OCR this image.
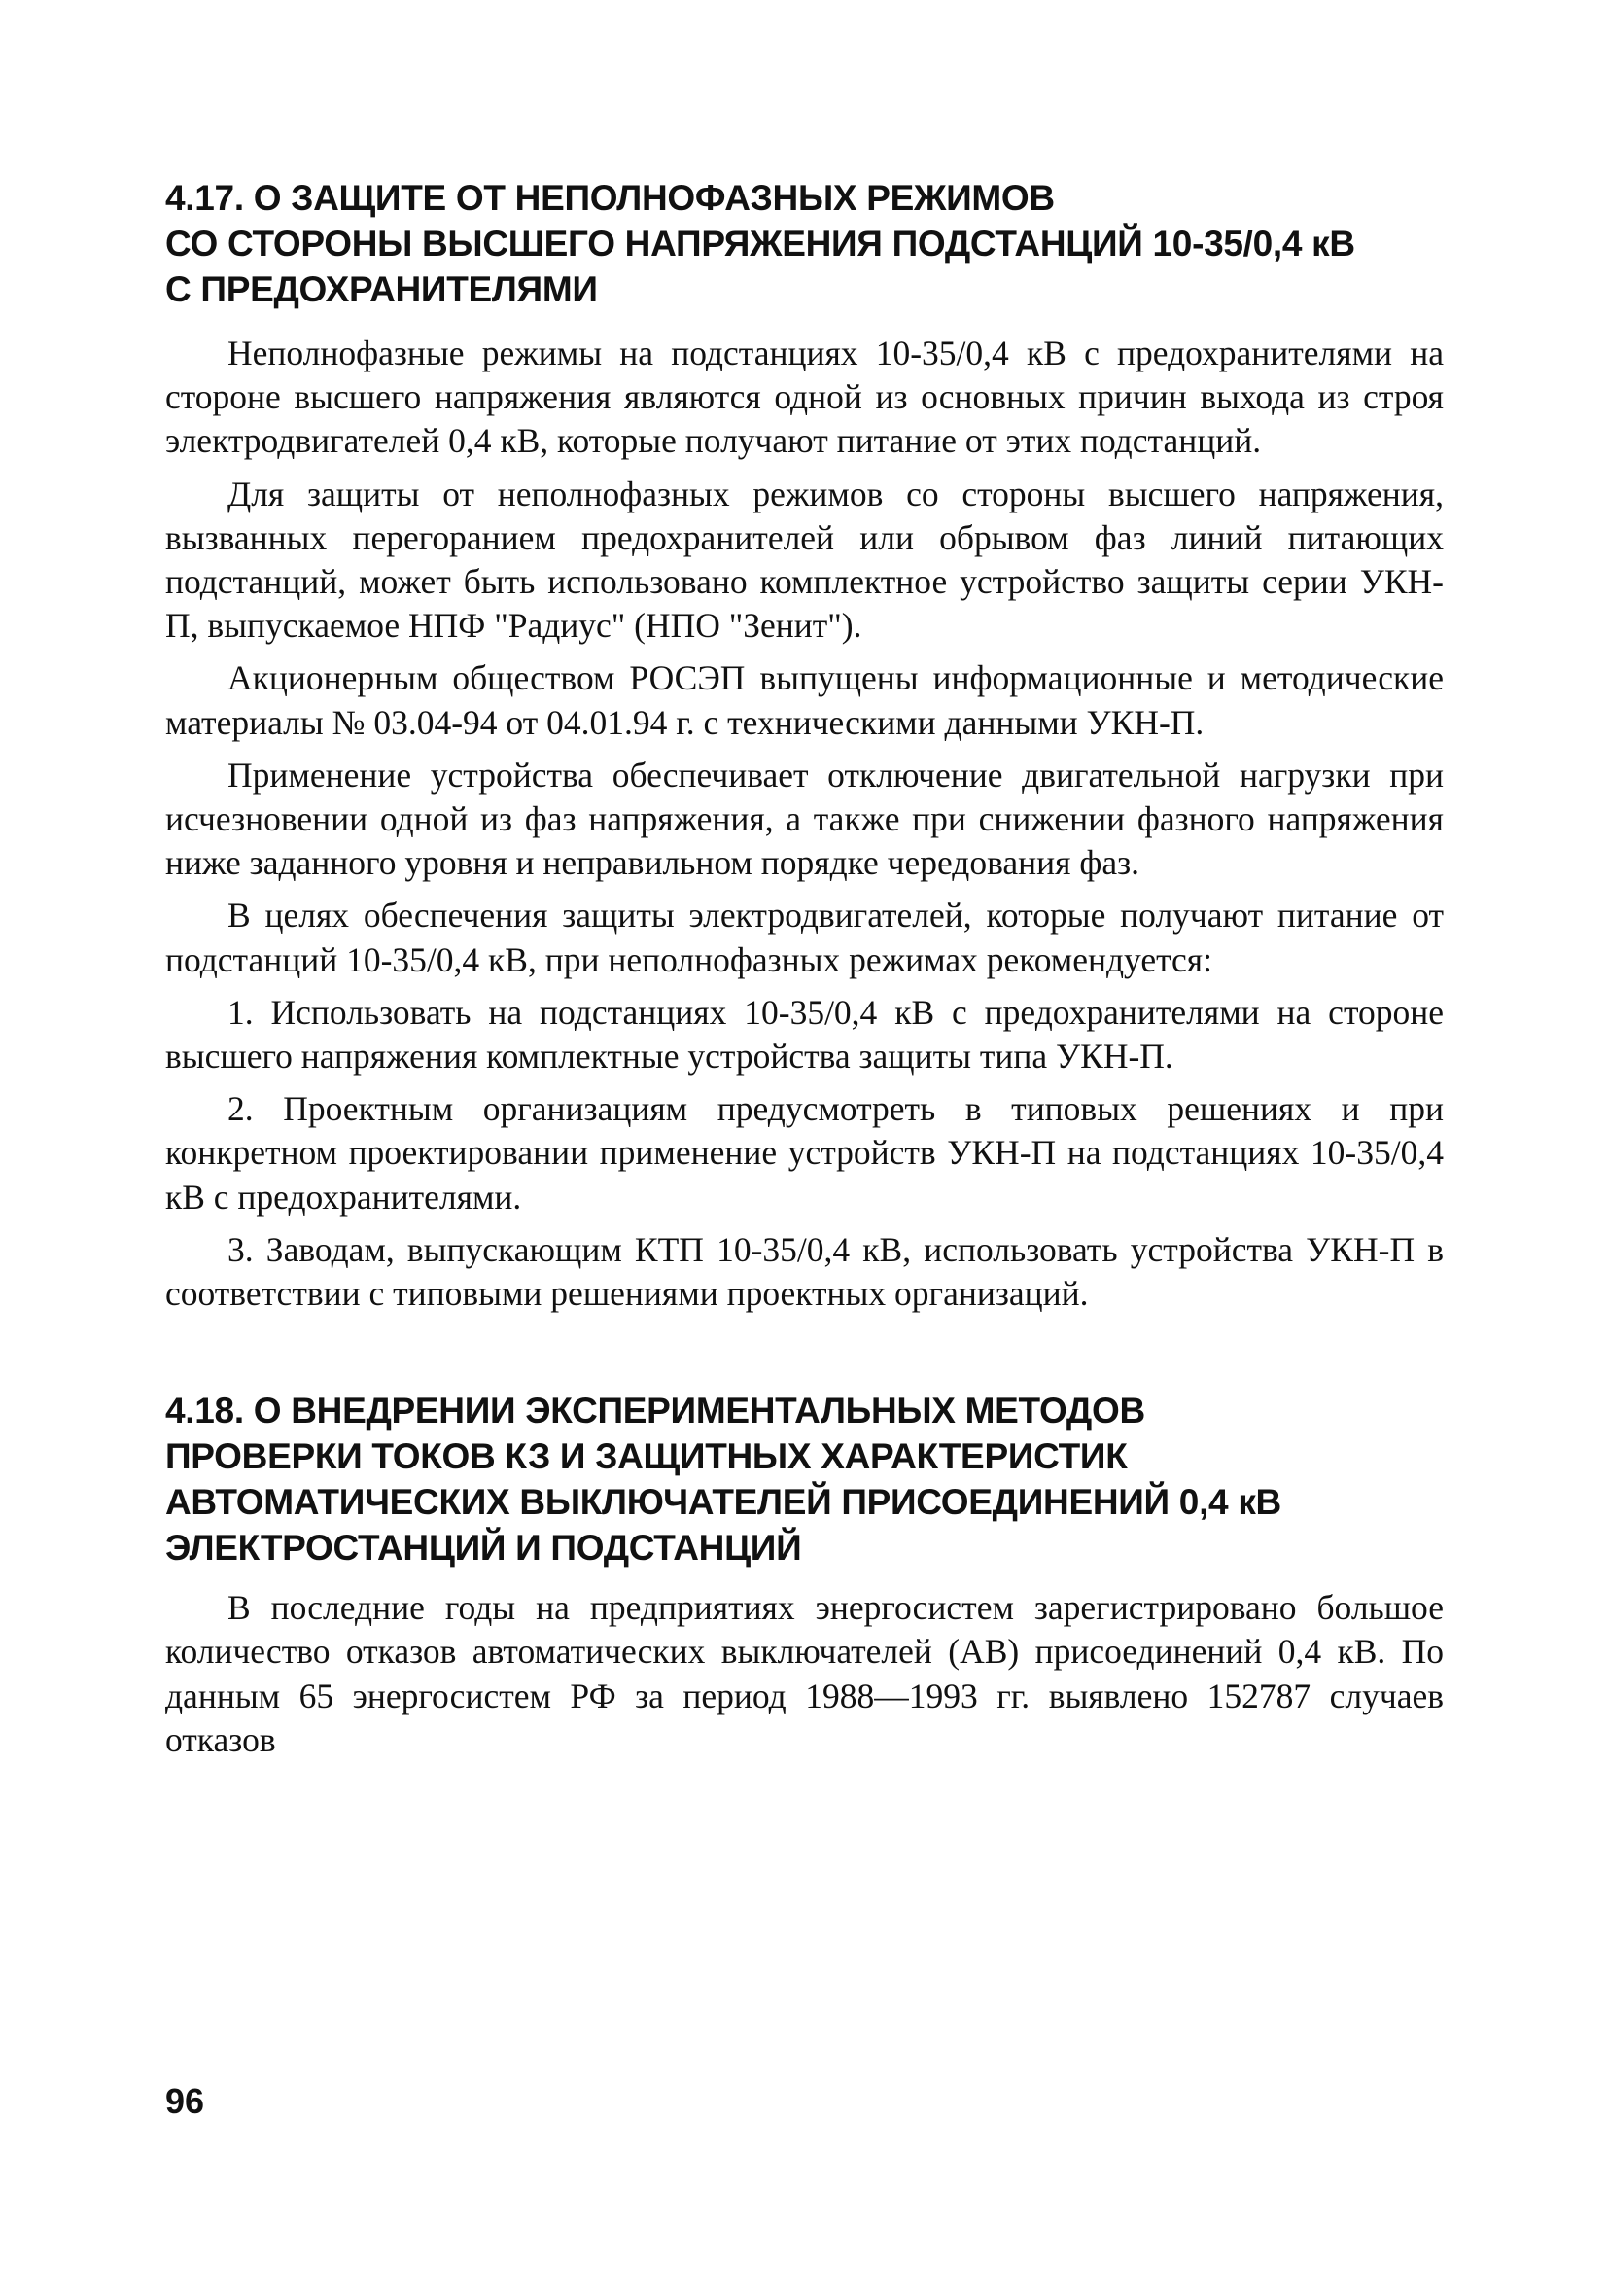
4.17. О ЗАЩИТЕ ОТ НЕПОЛНОФАЗНЫХ РЕЖИМОВ
СО СТОРОНЫ ВЫСШЕГО НАПРЯЖЕНИЯ ПОДСТАНЦИЙ 10-35/0,4 кВ
С ПРЕДОХРАНИТЕЛЯМИ

Неполнофазные режимы на подстанциях 10-35/0,4 кВ с предохранителями на стороне высшего напряжения являются одной из основных причин выхода из строя электродвигателей 0,4 кВ, которые получают питание от этих подстанций.

Для защиты от неполнофазных режимов со стороны высшего напряжения, вызванных перегоранием предохранителей или обрывом фаз линий питающих подстанций, может быть использовано комплектное устройство защиты серии УКН-П, выпускаемое НПФ "Радиус" (НПО "Зенит").

Акционерным обществом РОСЭП выпущены информационные и методические материалы № 03.04-94 от 04.01.94 г. с техническими данными УКН-П.

Применение устройства обеспечивает отключение двигательной нагрузки при исчезновении одной из фаз напряжения, а также при снижении фазного напряжения ниже заданного уровня и неправильном порядке чередования фаз.

В целях обеспечения защиты электродвигателей, которые получают питание от подстанций 10-35/0,4 кВ, при неполнофазных режимах рекомендуется:

1. Использовать на подстанциях 10-35/0,4 кВ с предохранителями на стороне высшего напряжения комплектные устройства защиты типа УКН-П.

2. Проектным организациям предусмотреть в типовых решениях и при конкретном проектировании применение устройств УКН-П на подстанциях 10-35/0,4 кВ с предохранителями.

3. Заводам, выпускающим КТП 10-35/0,4 кВ, использовать устройства УКН-П в соответствии с типовыми решениями проектных организаций.

4.18. О ВНЕДРЕНИИ ЭКСПЕРИМЕНТАЛЬНЫХ МЕТОДОВ
ПРОВЕРКИ ТОКОВ КЗ И ЗАЩИТНЫХ ХАРАКТЕРИСТИК
АВТОМАТИЧЕСКИХ ВЫКЛЮЧАТЕЛЕЙ ПРИСОЕДИНЕНИЙ 0,4 кВ
ЭЛЕКТРОСТАНЦИЙ И ПОДСТАНЦИЙ

В последние годы на предприятиях энергосистем зарегистрировано большое количество отказов автоматических выключателей (АВ) присоединений 0,4 кВ. По данным 65 энергосистем РФ за период 1988—1993 гг. выявлено 152787 случаев отказов

96
